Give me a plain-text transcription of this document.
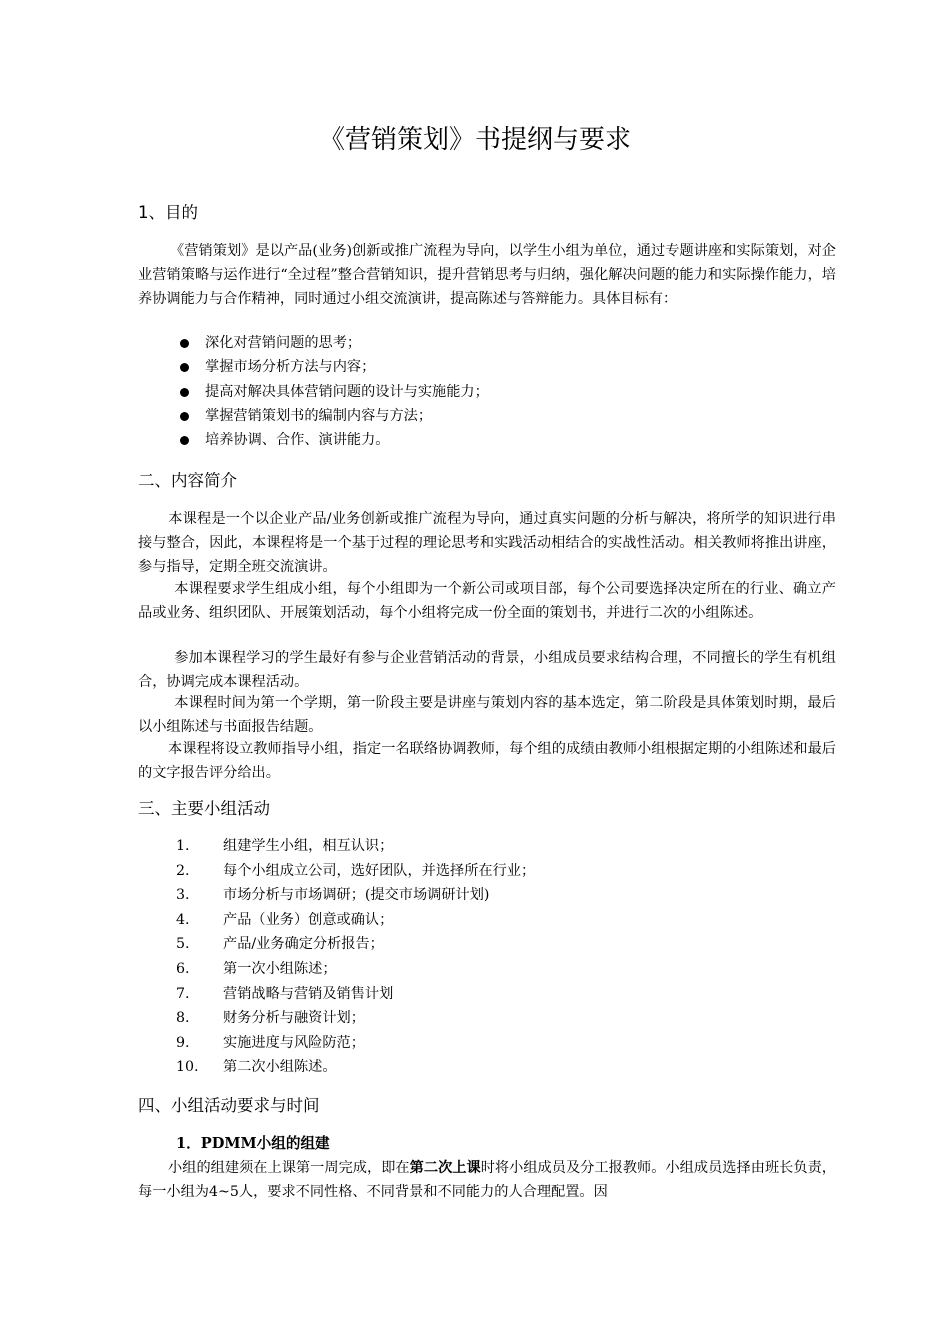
《营销策划》书提纲与要求
1、目的
《营销策划》是以产品(业务)创新或推广流程为导向，以学生小组为单位，通过专题讲座和实际策划，对企业营销策略与运作进行“全过程”整合营销知识，提升营销思考与归纳，强化解决问题的能力和实际操作能力，培养协调能力与合作精神，同时通过小组交流演讲，提高陈述与答辩能力。具体目标有：
深化对营销问题的思考；
掌握市场分析方法与内容；
提高对解决具体营销问题的设计与实施能力；
掌握营销策划书的编制内容与方法；
培养协调、合作、演讲能力。
二、内容简介
本课程是一个以企业产品/业务创新或推广流程为导向，通过真实问题的分析与解决，将所学的知识进行串接与整合，因此，本课程将是一个基于过程的理论思考和实践活动相结合的实战性活动。相关教师将推出讲座，参与指导，定期全班交流演讲。
本课程要求学生组成小组，每个小组即为一个新公司或项目部，每个公司要选择决定所在的行业、确立产品或业务、组织团队、开展策划活动，每个小组将完成一份全面的策划书，并进行二次的小组陈述。
参加本课程学习的学生最好有参与企业营销活动的背景，小组成员要求结构合理，不同擅长的学生有机组合，协调完成本课程活动。
本课程时间为第一个学期，第一阶段主要是讲座与策划内容的基本选定，第二阶段是具体策划时期，最后以小组陈述与书面报告结题。
本课程将设立教师指导小组，指定一名联络协调教师，每个组的成绩由教师小组根据定期的小组陈述和最后的文字报告评分给出。
三、主要小组活动
1.	组建学生小组，相互认识；
2.	每个小组成立公司，选好团队，并选择所在行业；
3.	市场分析与市场调研；(提交市场调研计划)
4.	产品（业务）创意或确认；
5.	产品/业务确定分析报告；
6.	第一次小组陈述；
7.	营销战略与营销及销售计划
8.	财务分析与融资计划；
9.	实施进度与风险防范；
10.	第二次小组陈述。
四、小组活动要求与时间
1．PDMM小组的组建
小组的组建须在上课第一周完成，即在第二次上课时将小组成员及分工报教师。小组成员选择由班长负责，每一小组为4~5人，要求不同性格、不同背景和不同能力的人合理配置。因
